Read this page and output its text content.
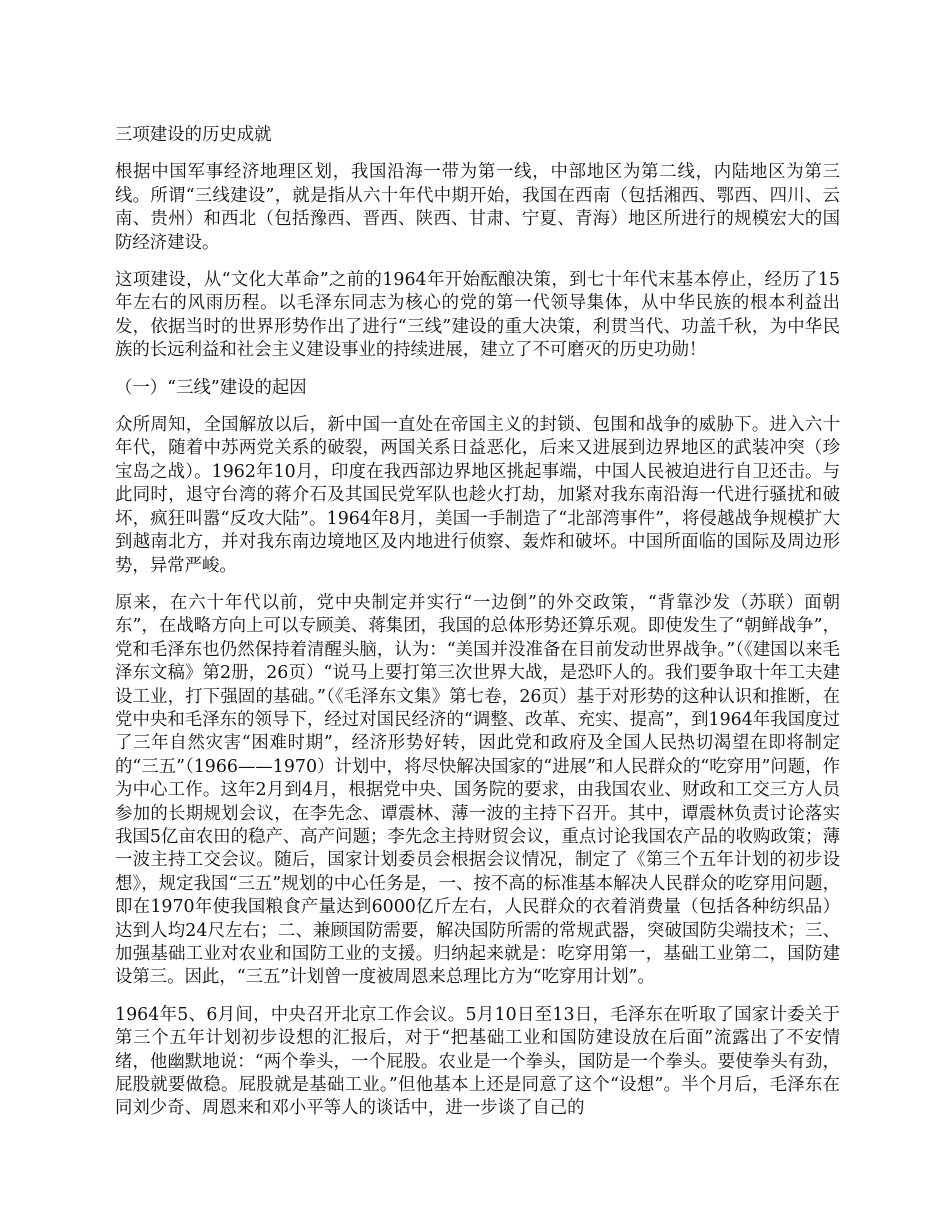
三项建设的历史成就

根据中国军事经济地理区划，我国沿海一带为第一线，中部地区为第二线，内陆地区为第三线。所谓“三线建设”，就是指从六十年代中期开始，我国在西南（包括湘西、鄂西、四川、云南、贵州）和西北（包括豫西、晋西、陕西、甘肃、宁夏、青海）地区所进行的规模宏大的国防经济建设。

这项建设，从“文化大革命”之前的1964年开始酝酿决策，到七十年代末基本停止，经历了15年左右的风雨历程。以毛泽东同志为核心的党的第一代领导集体，从中华民族的根本利益出发，依据当时的世界形势作出了进行“三线”建设的重大决策，利贯当代、功盖千秋，为中华民族的长远利益和社会主义建设事业的持续进展，建立了不可磨灭的历史功勋！

（一）“三线”建设的起因

众所周知，全国解放以后，新中国一直处在帝国主义的封锁、包围和战争的威胁下。进入六十年代，随着中苏两党关系的破裂，两国关系日益恶化，后来又进展到边界地区的武装冲突（珍宝岛之战）。1962年10月，印度在我西部边界地区挑起事端，中国人民被迫进行自卫还击。与此同时，退守台湾的蒋介石及其国民党军队也趁火打劫，加紧对我东南沿海一代进行骚扰和破坏，疯狂叫嚣“反攻大陆”。1964年8月，美国一手制造了“北部湾事件”，将侵越战争规模扩大到越南北方，并对我东南边境地区及内地进行侦察、轰炸和破坏。中国所面临的国际及周边形势，异常严峻。

原来，在六十年代以前，党中央制定并实行“一边倒”的外交政策，“背靠沙发（苏联）面朝东”，在战略方向上可以专顾美、蒋集团，我国的总体形势还算乐观。即使发生了“朝鲜战争”，党和毛泽东也仍然保持着清醒头脑，认为：“美国并没准备在目前发动世界战争。”（《建国以来毛泽东文稿》第2册，26页）“说马上要打第三次世界大战，是恐吓人的。我们要争取十年工夫建设工业，打下强固的基础。”（《毛泽东文集》第七卷，26页）基于对形势的这种认识和推断，在党中央和毛泽东的领导下，经过对国民经济的“调整、改革、充实、提高”，到1964年我国度过了三年自然灾害“困难时期”，经济形势好转，因此党和政府及全国人民热切渴望在即将制定的“三五”（1966——1970）计划中，将尽快解决国家的“进展”和人民群众的“吃穿用”问题，作为中心工作。这年2月到4月，根据党中央、国务院的要求，由我国农业、财政和工交三方人员参加的长期规划会议，在李先念、谭震林、薄一波的主持下召开。其中，谭震林负责讨论落实我国5亿亩农田的稳产、高产问题；李先念主持财贸会议，重点讨论我国农产品的收购政策；薄一波主持工交会议。随后，国家计划委员会根据会议情况，制定了《第三个五年计划的初步设想》，规定我国“三五”规划的中心任务是，一、按不高的标准基本解决人民群众的吃穿用问题，即在1970年使我国粮食产量达到6000亿斤左右，人民群众的衣着消费量（包括各种纺织品）达到人均24尺左右；二、兼顾国防需要，解决国防所需的常规武器，突破国防尖端技术；三、加强基础工业对农业和国防工业的支援。归纳起来就是：吃穿用第一，基础工业第二，国防建设第三。因此，“三五”计划曾一度被周恩来总理比方为“吃穿用计划”。

1964年5、6月间，中央召开北京工作会议。5月10日至13日，毛泽东在听取了国家计委关于第三个五年计划初步设想的汇报后，对于“把基础工业和国防建设放在后面”流露出了不安情绪，他幽默地说：“两个拳头，一个屁股。农业是一个拳头，国防是一个拳头。要使拳头有劲，屁股就要做稳。屁股就是基础工业。”但他基本上还是同意了这个“设想”。半个月后，毛泽东在同刘少奇、周恩来和邓小平等人的谈话中，进一步谈了自己的
